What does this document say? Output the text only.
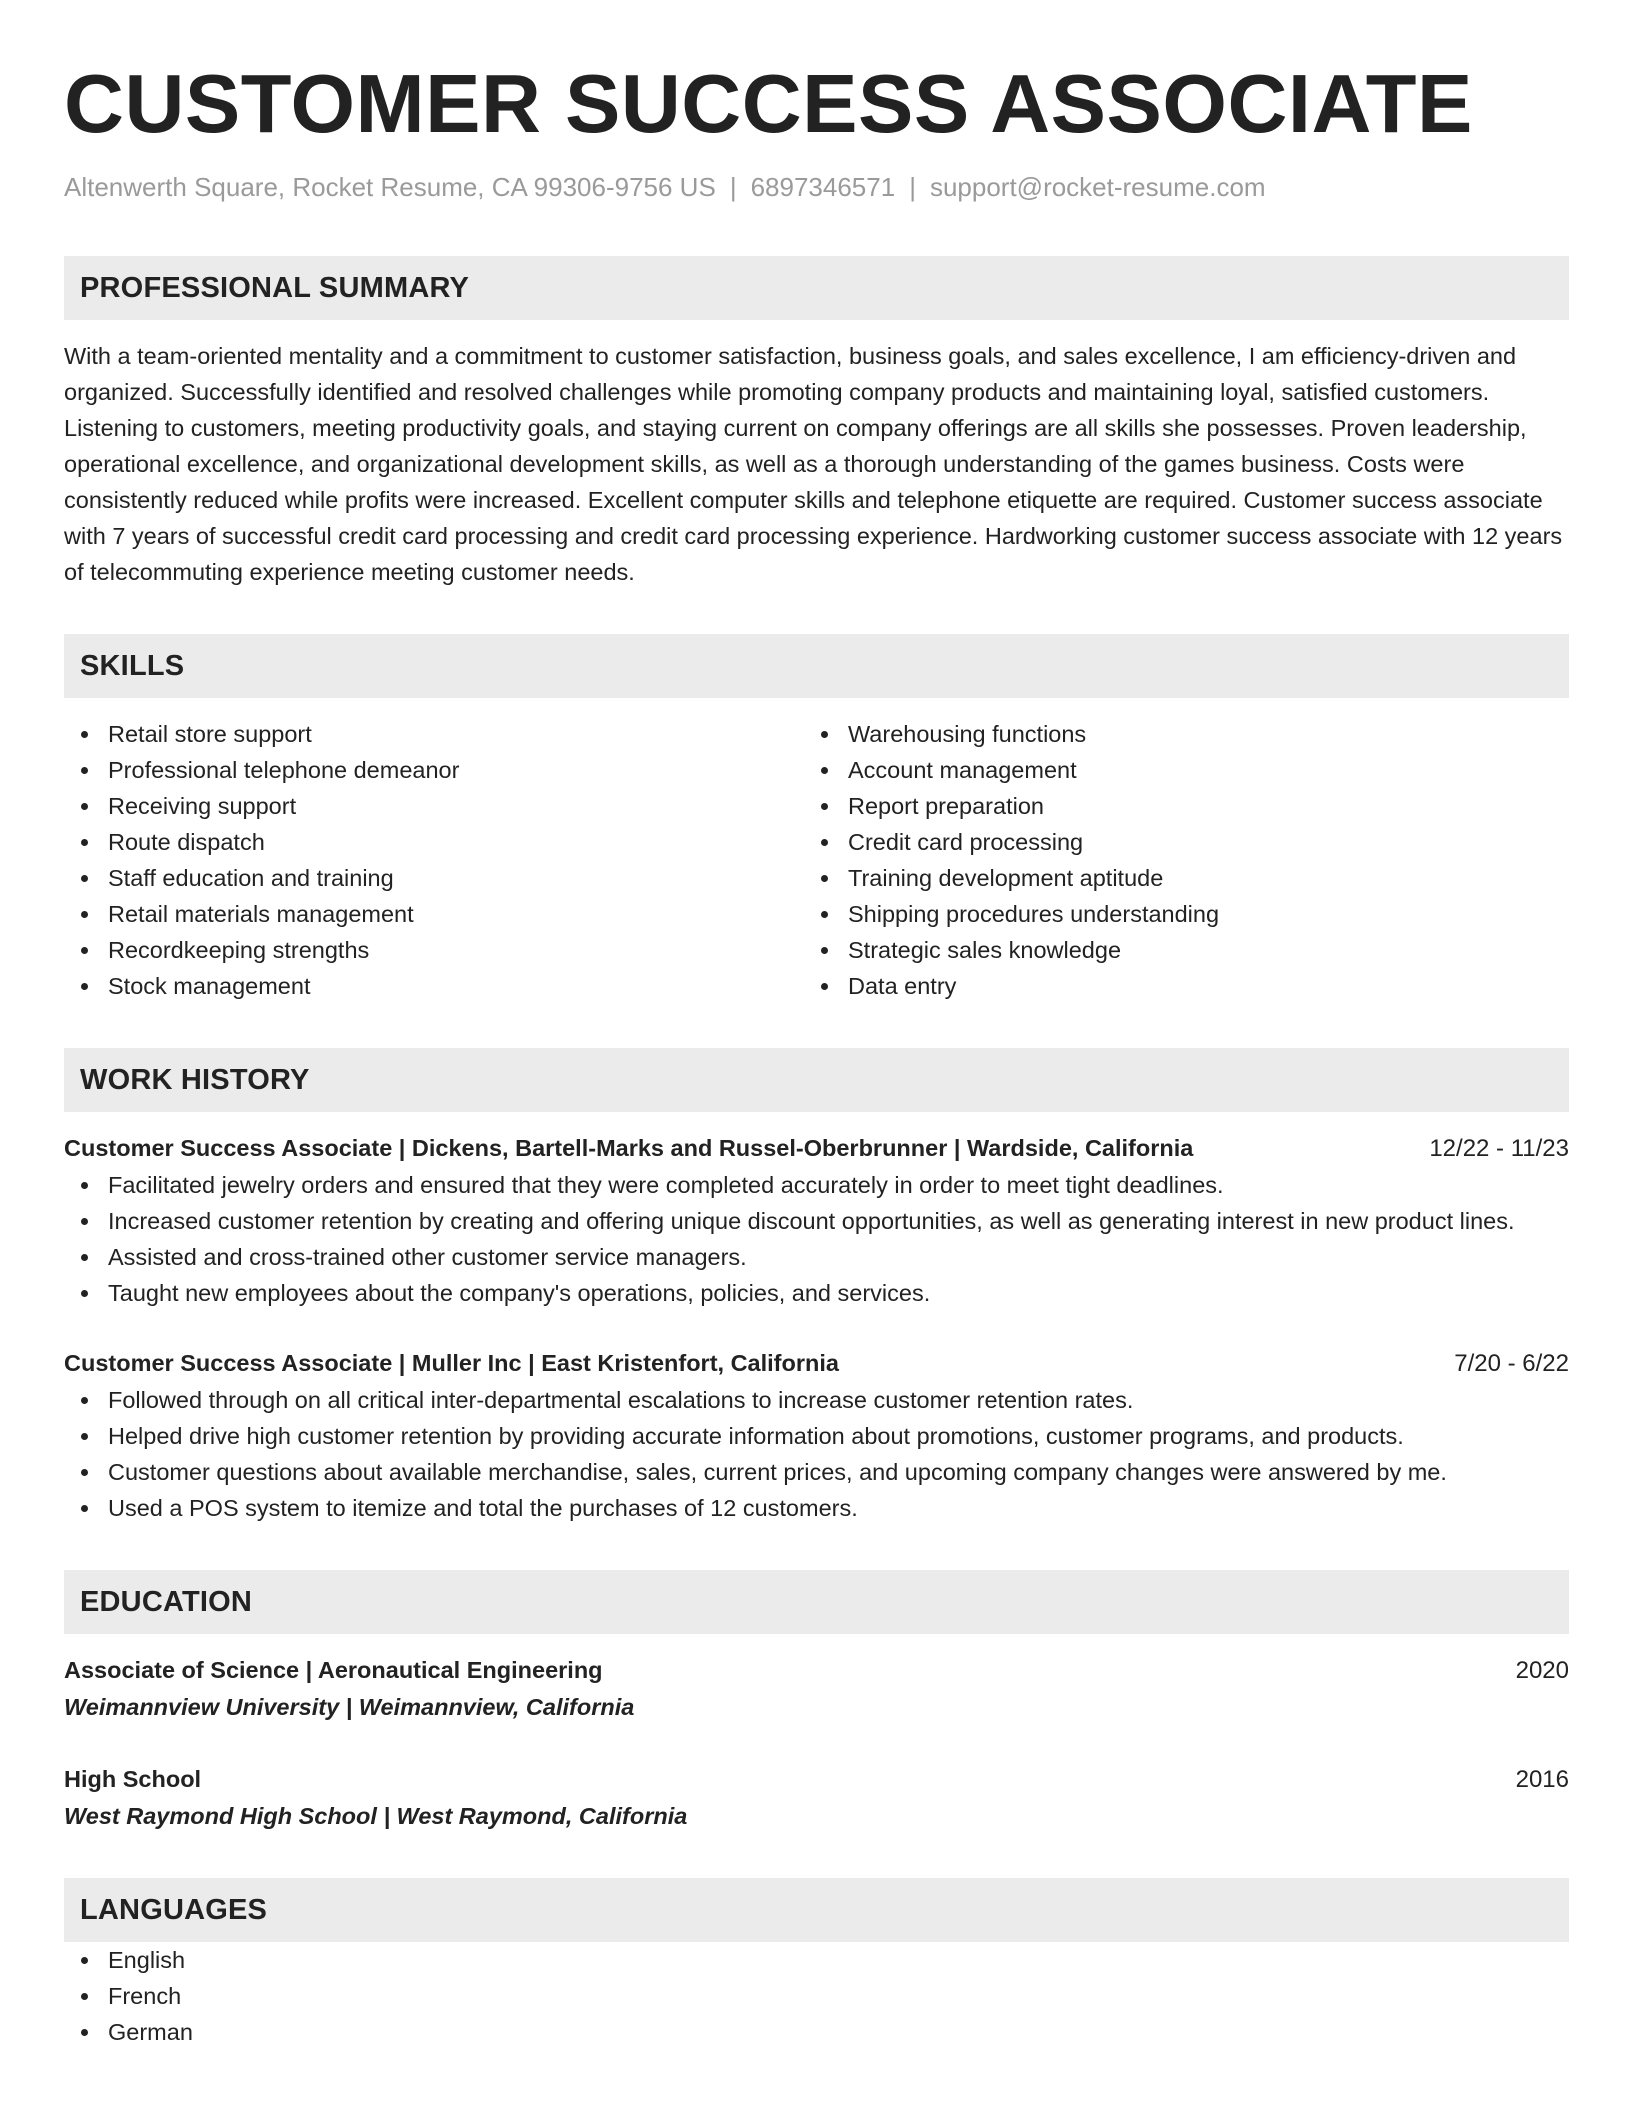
CUSTOMER SUCCESS ASSOCIATE
Altenwerth Square, Rocket Resume, CA 99306-9756 US | 6897346571 | support@rocket-resume.com
PROFESSIONAL SUMMARY
With a team-oriented mentality and a commitment to customer satisfaction, business goals, and sales excellence, I am efficiency-driven and organized. Successfully identified and resolved challenges while promoting company products and maintaining loyal, satisfied customers. Listening to customers, meeting productivity goals, and staying current on company offerings are all skills she possesses. Proven leadership, operational excellence, and organizational development skills, as well as a thorough understanding of the games business. Costs were consistently reduced while profits were increased. Excellent computer skills and telephone etiquette are required. Customer success associate with 7 years of successful credit card processing and credit card processing experience. Hardworking customer success associate with 12 years of telecommuting experience meeting customer needs.
SKILLS
Retail store support
Professional telephone demeanor
Receiving support
Route dispatch
Staff education and training
Retail materials management
Recordkeeping strengths
Stock management
Warehousing functions
Account management
Report preparation
Credit card processing
Training development aptitude
Shipping procedures understanding
Strategic sales knowledge
Data entry
WORK HISTORY
Customer Success Associate | Dickens, Bartell-Marks and Russel-Oberbrunner | Wardside, California	12/22 - 11/23
Facilitated jewelry orders and ensured that they were completed accurately in order to meet tight deadlines.
Increased customer retention by creating and offering unique discount opportunities, as well as generating interest in new product lines.
Assisted and cross-trained other customer service managers.
Taught new employees about the company's operations, policies, and services.
Customer Success Associate | Muller Inc | East Kristenfort, California	7/20 - 6/22
Followed through on all critical inter-departmental escalations to increase customer retention rates.
Helped drive high customer retention by providing accurate information about promotions, customer programs, and products.
Customer questions about available merchandise, sales, current prices, and upcoming company changes were answered by me.
Used a POS system to itemize and total the purchases of 12 customers.
EDUCATION
Associate of Science | Aeronautical Engineering	2020
Weimannview University | Weimannview, California
High School	2016
West Raymond High School | West Raymond, California
LANGUAGES
English
French
German
